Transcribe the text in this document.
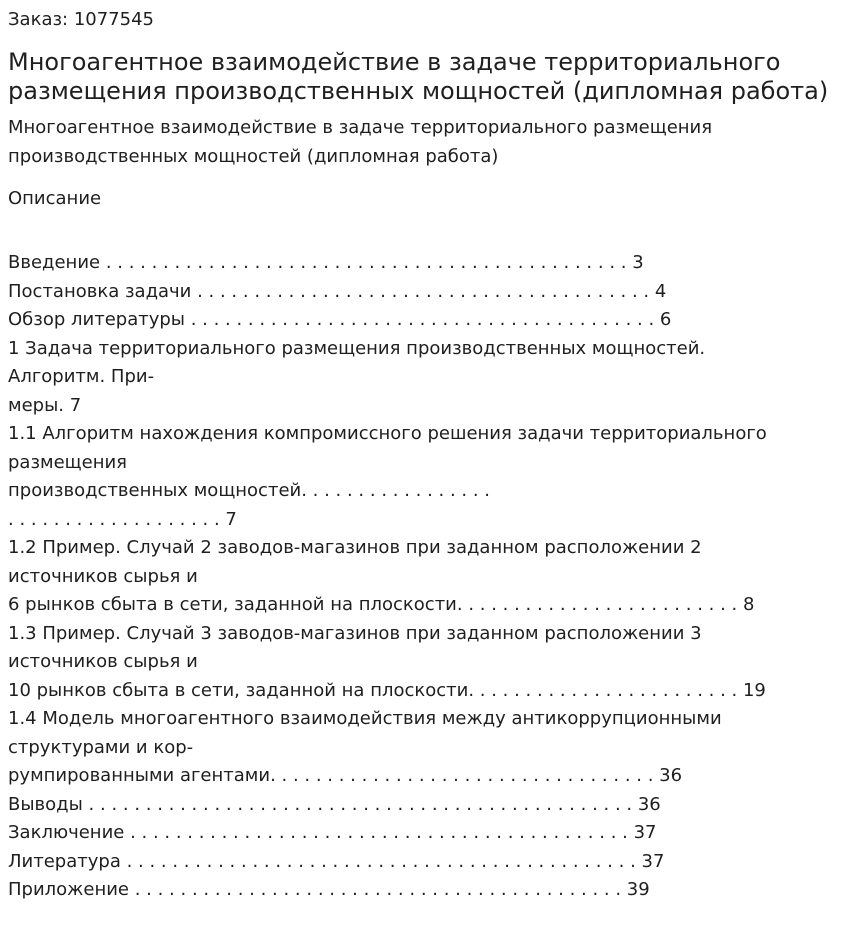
Заказ: 1077545

Многоагентное взаимодействие в задаче территориального размещения производственных мощностей (дипломная работа)

Многоагентное взаимодействие в задаче территориального размещения
производственных мощностей (дипломная работа)

Описание

Введение . . . . . . . . . . . . . . . . . . . . . . . . . . . . . . . . . . . . . . . . . . . . . . 3
Постановка задачи . . . . . . . . . . . . . . . . . . . . . . . . . . . . . . . . . . . . . . . . 4
Обзор литературы . . . . . . . . . . . . . . . . . . . . . . . . . . . . . . . . . . . . . . . . . 6
1 Задача территориального размещения производственных мощностей.
Алгоритм. При-
меры. 7
1.1 Алгоритм нахождения компромиссного решения задачи территориального
размещения
производственных мощностей. . . . . . . . . . . . . . . . .
. . . . . . . . . . . . . . . . . . . 7
1.2 Пример. Случай 2 заводов-магазинов при заданном расположении 2
источников сырья и
6 рынков сбыта в сети, заданной на плоскости. . . . . . . . . . . . . . . . . . . . . . . . . 8
1.3 Пример. Случай 3 заводов-магазинов при заданном расположении 3
источников сырья и
10 рынков сбыта в сети, заданной на плоскости. . . . . . . . . . . . . . . . . . . . . . . . 19
1.4 Модель многоагентного взаимодействия между антикоррупционными
структурами и кор-
румпированными агентами. . . . . . . . . . . . . . . . . . . . . . . . . . . . . . . . . . 36
Выводы . . . . . . . . . . . . . . . . . . . . . . . . . . . . . . . . . . . . . . . . . . . . . . . . 36
Заключение . . . . . . . . . . . . . . . . . . . . . . . . . . . . . . . . . . . . . . . . . . . . 37
Литература . . . . . . . . . . . . . . . . . . . . . . . . . . . . . . . . . . . . . . . . . . . . . 37
Приложение . . . . . . . . . . . . . . . . . . . . . . . . . . . . . . . . . . . . . . . . . . . 39
